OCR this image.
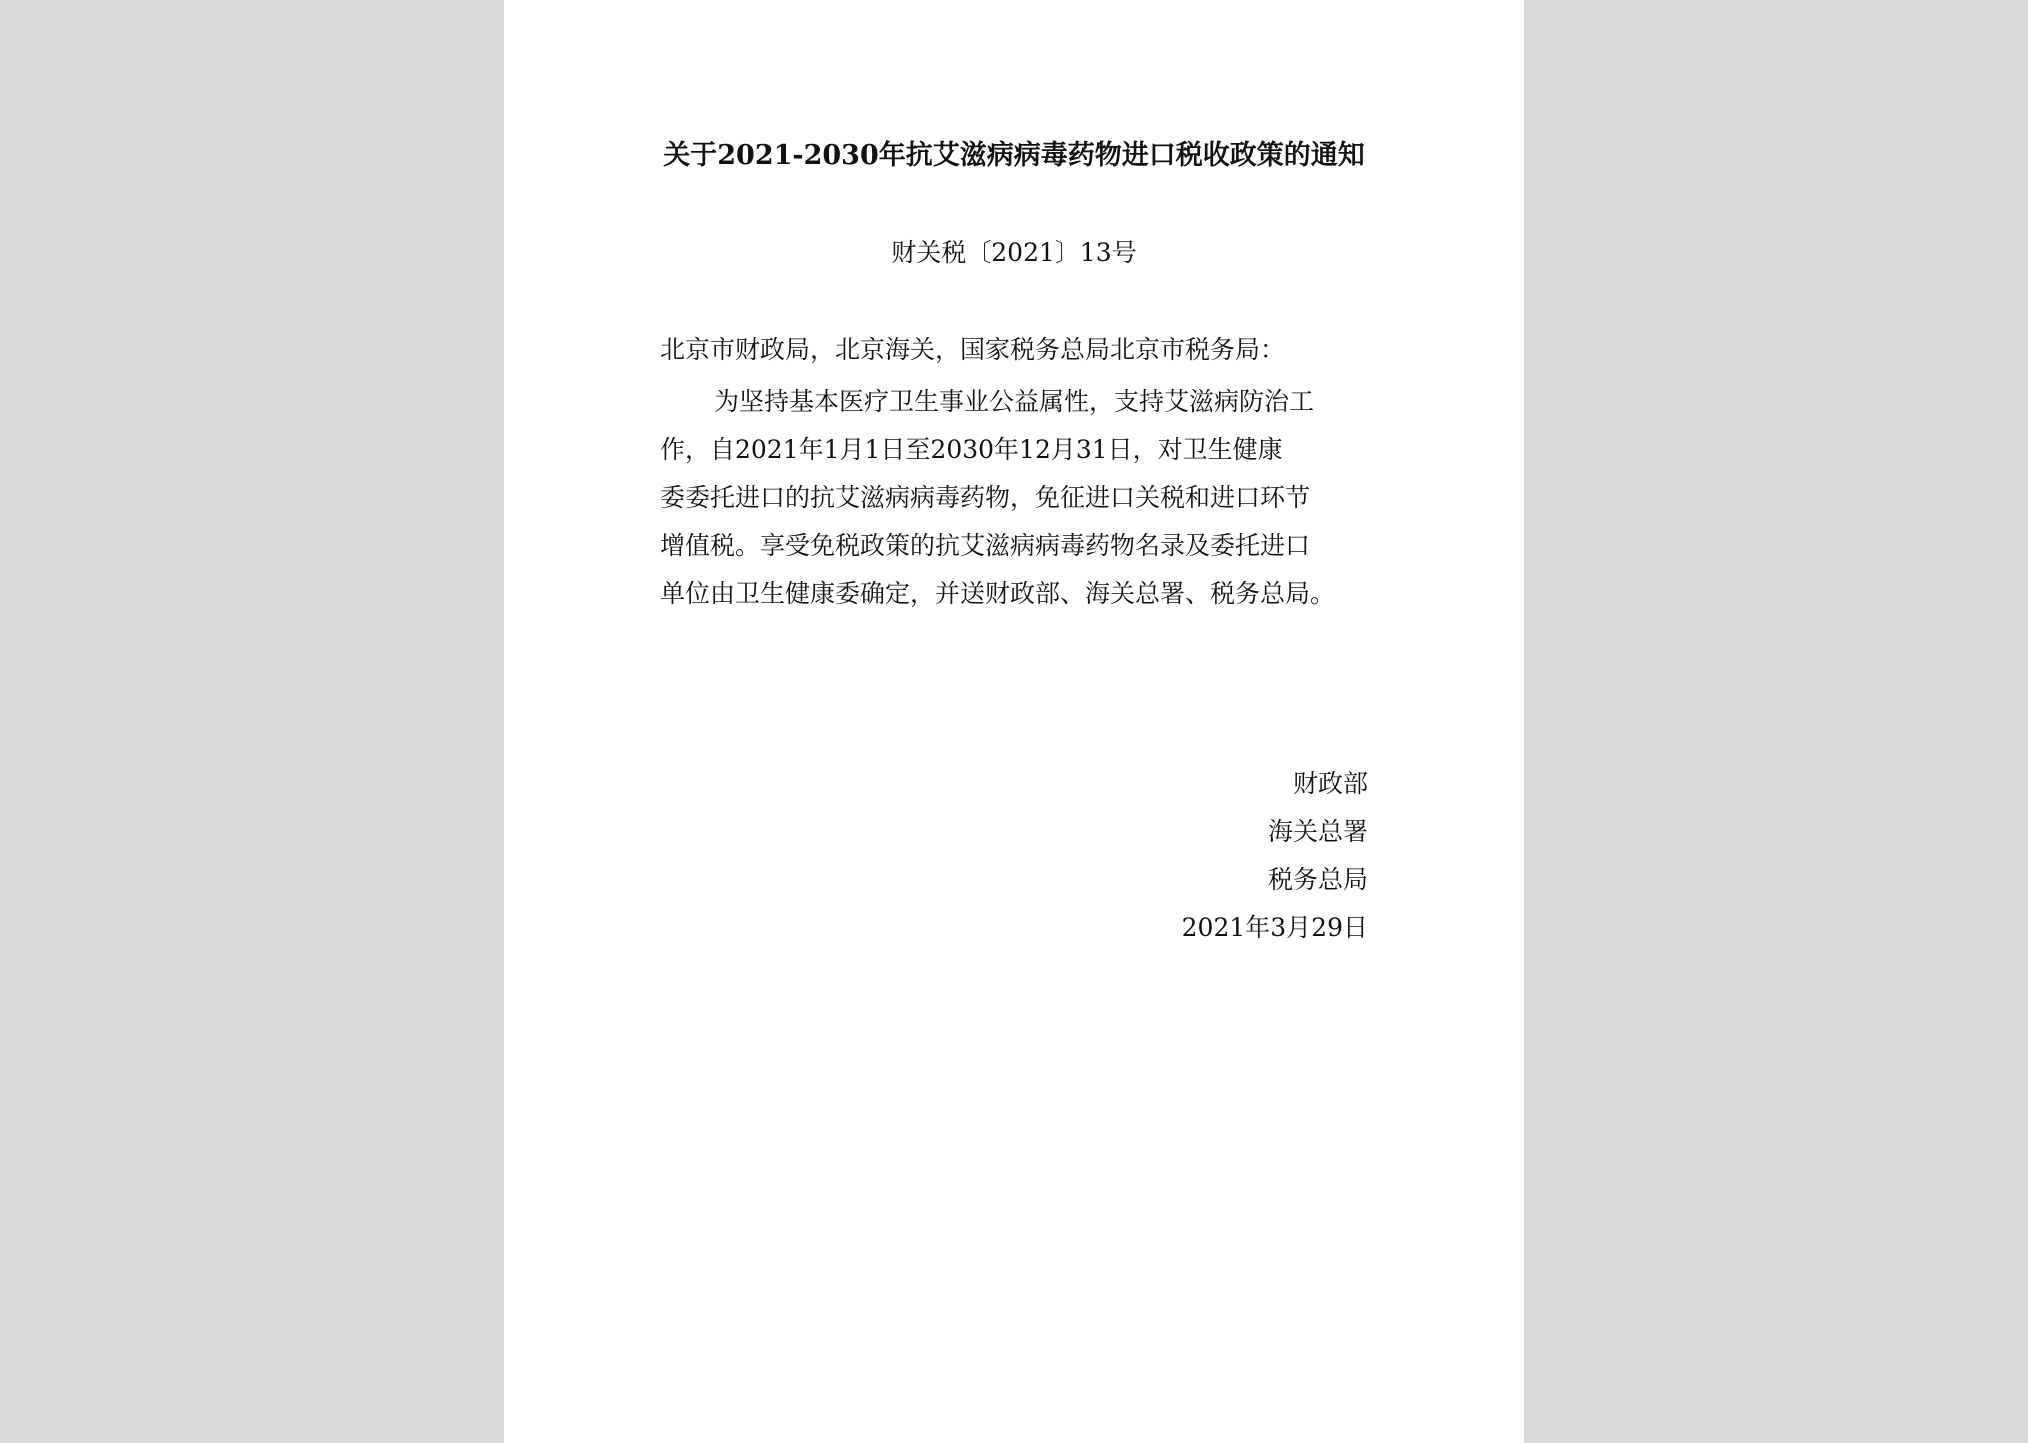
关于2021-2030年抗艾滋病病毒药物进口税收政策的通知
财关税〔2021〕13号
北京市财政局，北京海关，国家税务总局北京市税务局：
为坚持基本医疗卫生事业公益属性，支持艾滋病防治工
作，自2021年1月1日至2030年12月31日，对卫生健康
委委托进口的抗艾滋病病毒药物，免征进口关税和进口环节
增值税。享受免税政策的抗艾滋病病毒药物名录及委托进口
单位由卫生健康委确定，并送财政部、海关总署、税务总局。
财政部
海关总署
税务总局
2021年3月29日
